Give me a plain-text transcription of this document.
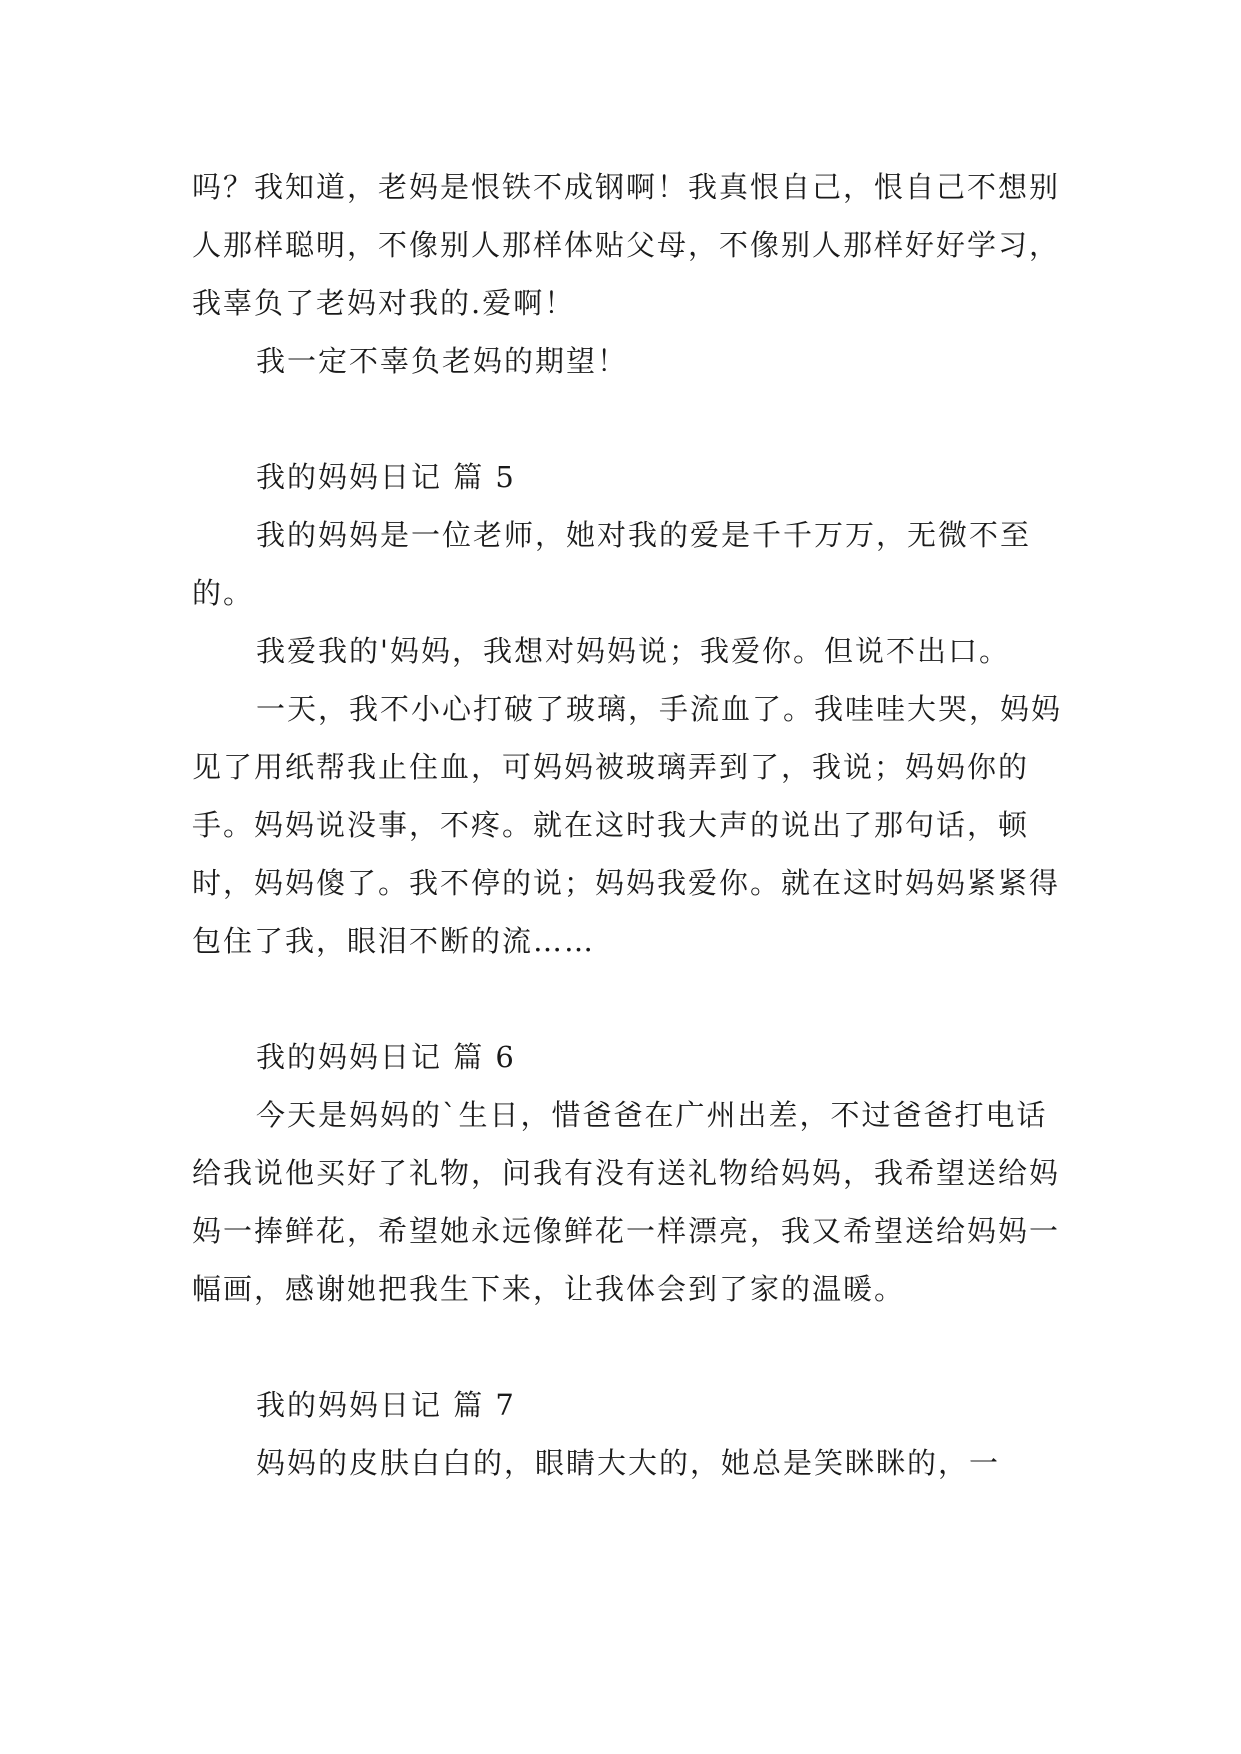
吗？我知道，老妈是恨铁不成钢啊！我真恨自己，恨自己不想别人那样聪明，不像别人那样体贴父母，不像别人那样好好学习，我辜负了老妈对我的.爱啊！

我一定不辜负老妈的期望！

我的妈妈日记 篇 5

我的妈妈是一位老师，她对我的爱是千千万万，无微不至的。

我爱我的'妈妈，我想对妈妈说；我爱你。但说不出口。

一天，我不小心打破了玻璃，手流血了。我哇哇大哭，妈妈见了用纸帮我止住血，可妈妈被玻璃弄到了，我说；妈妈你的手。妈妈说没事，不疼。就在这时我大声的说出了那句话，顿时，妈妈傻了。我不停的说；妈妈我爱你。就在这时妈妈紧紧得包住了我，眼泪不断的流……

我的妈妈日记 篇 6

今天是妈妈的`生日，惜爸爸在广州出差，不过爸爸打电话给我说他买好了礼物，问我有没有送礼物给妈妈，我希望送给妈妈一捧鲜花，希望她永远像鲜花一样漂亮，我又希望送给妈妈一幅画，感谢她把我生下来，让我体会到了家的温暖。

我的妈妈日记 篇 7

妈妈的皮肤白白的，眼睛大大的，她总是笑眯眯的，一
